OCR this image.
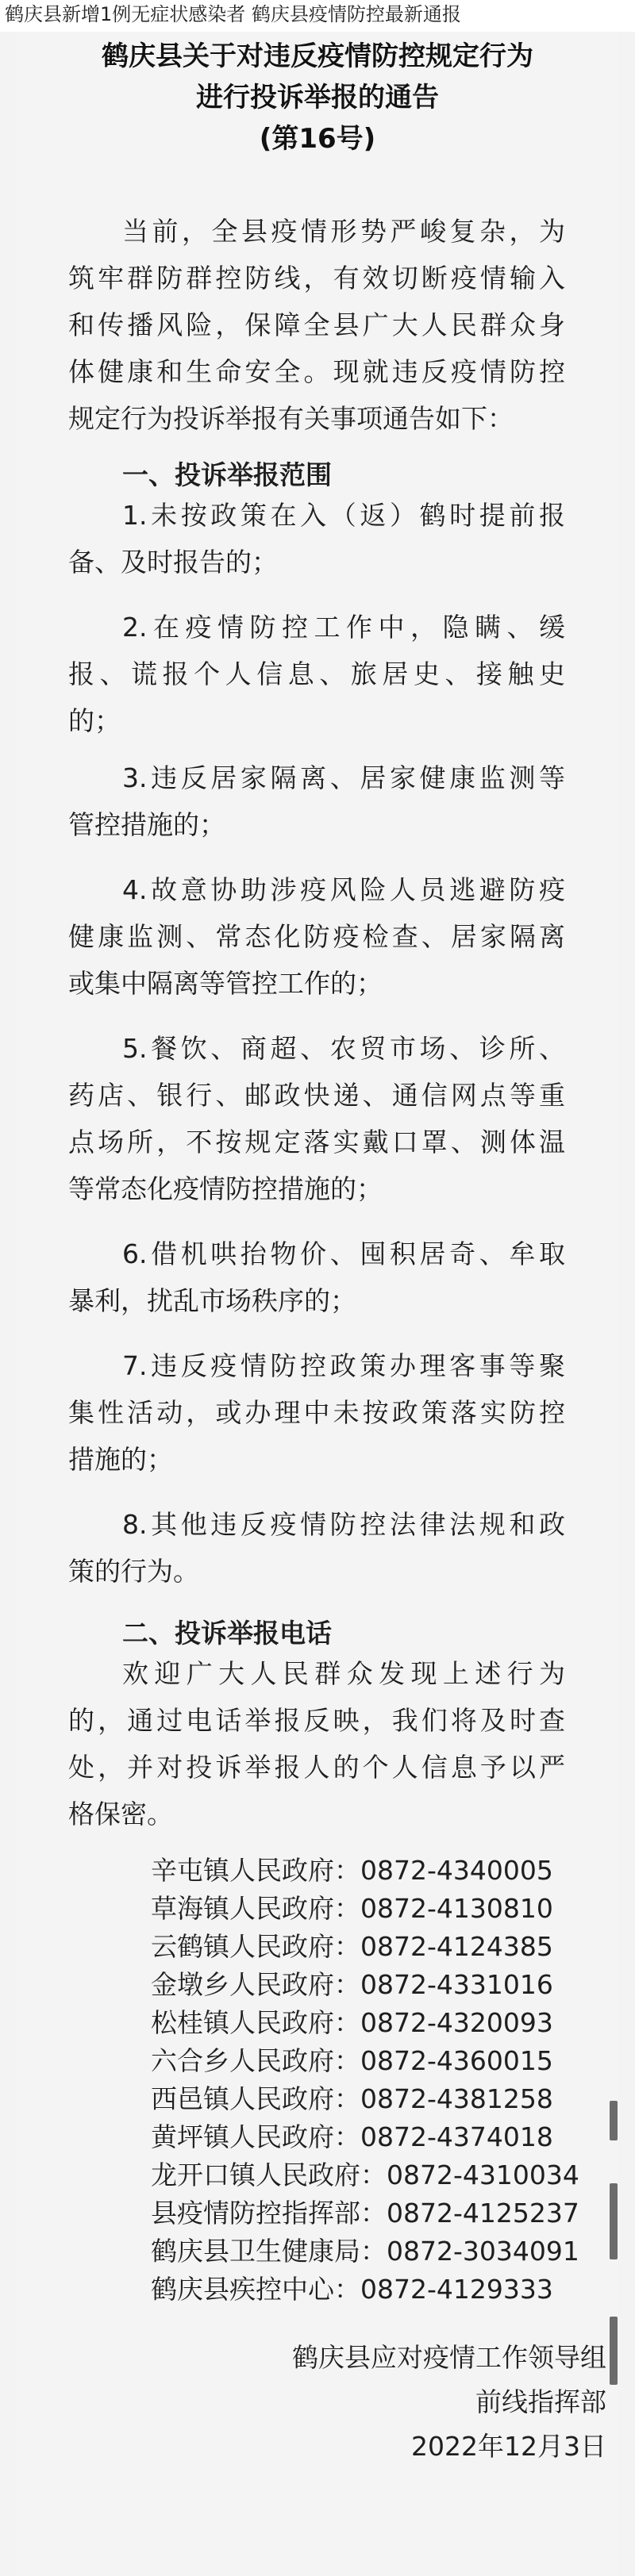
鹤庆县新增1例无症状感染者 鹤庆县疫情防控最新通报
鹤庆县关于对违反疫情防控规定行为
进行投诉举报的通告
(第16号)
当前，全县疫情形势严峻复杂，为
筑牢群防群控防线，有效切断疫情输入
和传播风险，保障全县广大人民群众身
体健康和生命安全。现就违反疫情防控
规定行为投诉举报有关事项通告如下：
一、投诉举报范围
1.未按政策在入（返）鹤时提前报
备、及时报告的；
2.在疫情防控工作中，隐瞒、缓
报、谎报个人信息、旅居史、接触史
的；
3.违反居家隔离、居家健康监测等
管控措施的；
4.故意协助涉疫风险人员逃避防疫
健康监测、常态化防疫检查、居家隔离
或集中隔离等管控工作的；
5.餐饮、商超、农贸市场、诊所、
药店、银行、邮政快递、通信网点等重
点场所，不按规定落实戴口罩、测体温
等常态化疫情防控措施的；
6.借机哄抬物价、囤积居奇、牟取
暴利，扰乱市场秩序的；
7.违反疫情防控政策办理客事等聚
集性活动，或办理中未按政策落实防控
措施的；
8.其他违反疫情防控法律法规和政
策的行为。
二、投诉举报电话
欢迎广大人民群众发现上述行为
的，通过电话举报反映，我们将及时查
处，并对投诉举报人的个人信息予以严
格保密。
辛屯镇人民政府：0872-4340005
草海镇人民政府：0872-4130810
云鹤镇人民政府：0872-4124385
金墩乡人民政府：0872-4331016
松桂镇人民政府：0872-4320093
六合乡人民政府：0872-4360015
西邑镇人民政府：0872-4381258
黄坪镇人民政府：0872-4374018
龙开口镇人民政府：0872-4310034
县疫情防控指挥部：0872-4125237
鹤庆县卫生健康局：0872-3034091
鹤庆县疾控中心：0872-4129333
鹤庆县应对疫情工作领导组
前线指挥部
2022年12月3日
